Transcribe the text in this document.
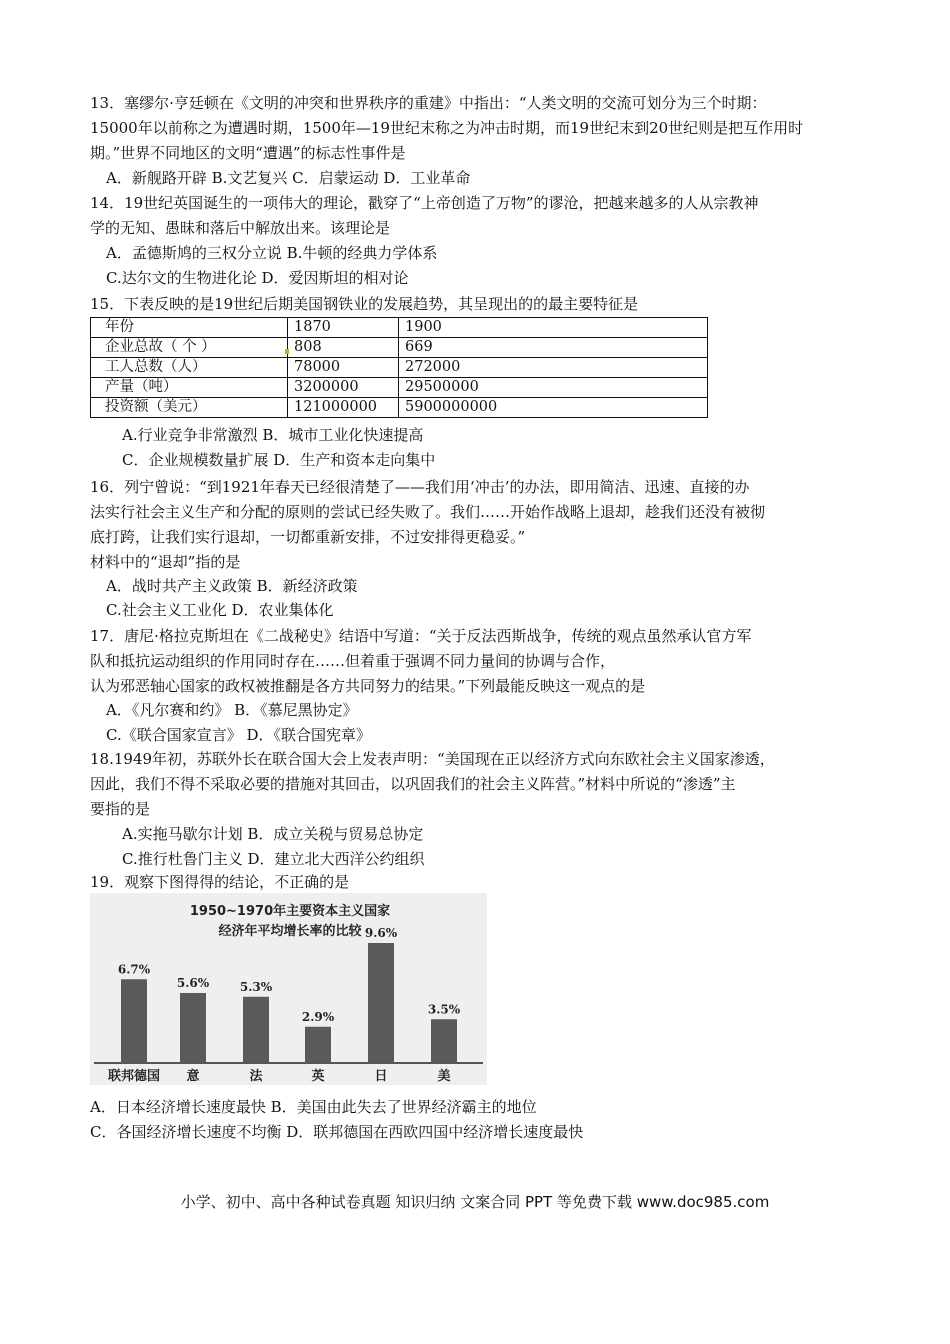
13．塞缪尔·亨廷顿在《文明的冲突和世界秩序的重建》中指出：“人类文明的交流可划分为三个时期：
15000年以前称之为遭遇时期，1500年—19世纪末称之为冲击时期，而19世纪末到20世纪则是把互作用时
期。”世界不同地区的文明“遭遇”的标志性事件是
A．新舰路开辟 B.文艺复兴 C．启蒙运动 D．工业革命
14．19世纪英国诞生的一项伟大的理论，戳穿了“上帝创造了万物”的谬沧，把越来越多的人从宗教神
学的无知、愚昧和落后中解放出来。该理论是
A．孟德斯鸠的三权分立说 B.牛顿的经典力学体系
C.达尔文的生物进化论 D．爱因斯坦的相对论
15．下表反映的是19世纪后期美国钢铁业的发展趋势，其呈现出的的最主要特征是
年份	1870	1900
企业总故（ 个 ）	808	669
工人总数（人）	78000	272000
产量（吨）	3200000	29500000
投资额（美元）	121000000	5900000000
A.行业竞争非常激烈 B．城市工业化快速提高
C．企业规模数量扩展 D．生产和资本走向集中
16．列宁曾说：“到1921年春天已经很清楚了——我们用‘冲击’的办法，即用简洁、迅速、直接的办
法实行社会主义生产和分配的原则的尝试已经失败了。我们……开始作战略上退却，趁我们还没有被彻
底打跨，让我们实行退却，一切都重新安排，不过安排得更稳妥。”
材料中的“退却”指的是
A．战时共产主义政策 B．新经济政策
C.社会主义工业化 D．农业集体化
17．唐尼·格拉克斯坦在《二战秘史》结语中写道：“关于反法西斯战争，传统的观点虽然承认官方军
队和抵抗运动组织的作用同时存在……但着重于强调不同力量间的协调与合作，
认为邪恶轴心国家的政权被推翻是各方共同努力的结果。”下列最能反映这一观点的是
A．《凡尔赛和约》 B．《慕尼黑协定》
C.《联合国家宣言》 D．《联合国宪章》
18.1949年初，苏联外长在联合国大会上发表声明：“美国现在正以经济方式向东欧社会主义国家渗透，
因此，我们不得不采取必要的措施对其回击，以巩固我们的社会主义阵营。”材料中所说的“渗透”主
要指的是
A.实拖马歇尔计划 B．成立关税与贸易总协定
C.推行杜鲁门主义 D．建立北大西洋公约组织
19．观察下图得得的结论，不正确的是
1950~1970年主要资本主义国家
经济年平均增长率的比较
6.7%
联邦德国
5.6%
意
5.3%
法
2.9%
英
9.6%
日
3.5%
美
A．日本经济增长速度最快 B．美国由此失去了世界经济霸主的地位
C．各国经济增长速度不均衡 D．联邦德国在西欧四国中经济增长速度最快
小学、初中、高中各种试卷真题 知识归纳 文案合同 PPT 等免费下载 www.doc985.com
